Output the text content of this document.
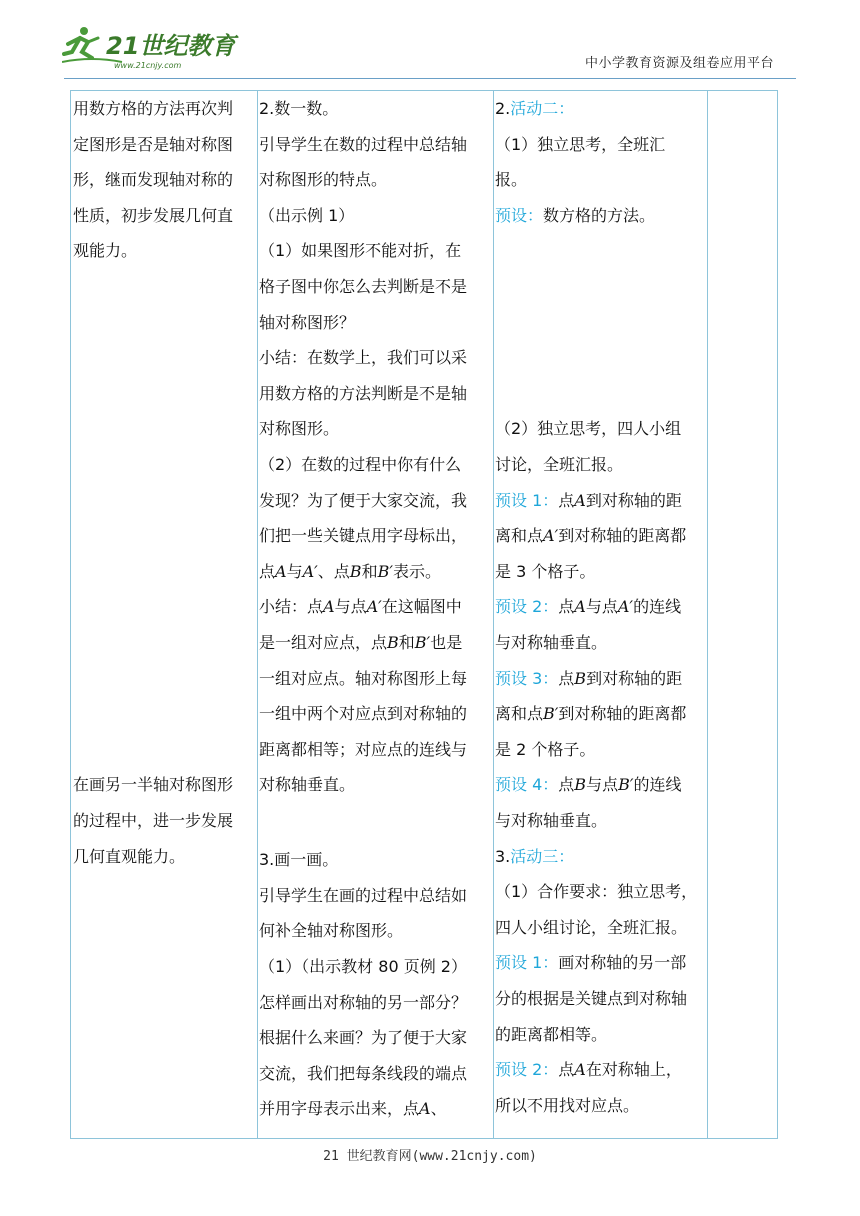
21世纪教育
www.21cnjy.com	中小学教育资源及组卷应用平台
用数方格的方法再次判
定图形是否是轴对称图
形，继而发现轴对称的
性质，初步发展几何直
观能力。
在画另一半轴对称图形
的过程中，进一步发展
几何直观能力。

2.数一数。
引导学生在数的过程中总结轴
对称图形的特点。
（出示例 1）
（1）如果图形不能对折，在
格子图中你怎么去判断是不是
轴对称图形？
小结：在数学上，我们可以采
用数方格的方法判断是不是轴
对称图形。
（2）在数的过程中你有什么
发现？为了便于大家交流，我
们把一些关键点用字母标出，
点A与A′、点B和B′表示。
小结：点A与点A′在这幅图中
是一组对应点，点B和B′也是
一组对应点。轴对称图形上每
一组中两个对应点到对称轴的
距离都相等；对应点的连线与
对称轴垂直。
3.画一画。
引导学生在画的过程中总结如
何补全轴对称图形。
（1）（出示教材 80 页例 2）
怎样画出对称轴的另一部分？
根据什么来画？为了便于大家
交流，我们把每条线段的端点
并用字母表示出来，点A、

2.活动二：
（1）独立思考，全班汇
报。
预设：数方格的方法。
（2）独立思考，四人小组
讨论，全班汇报。
预设 1：点A到对称轴的距
离和点A′到对称轴的距离都
是 3 个格子。
预设 2：点A与点A′的连线
与对称轴垂直。
预设 3：点B到对称轴的距
离和点B′到对称轴的距离都
是 2 个格子。
预设 4：点B与点B′的连线
与对称轴垂直。
3.活动三：
（1）合作要求：独立思考，
四人小组讨论，全班汇报。
预设 1：画对称轴的另一部
分的根据是关键点到对称轴
的距离都相等。
预设 2：点A在对称轴上，
所以不用找对应点。

21 世纪教育网(www.21cnjy.com)
